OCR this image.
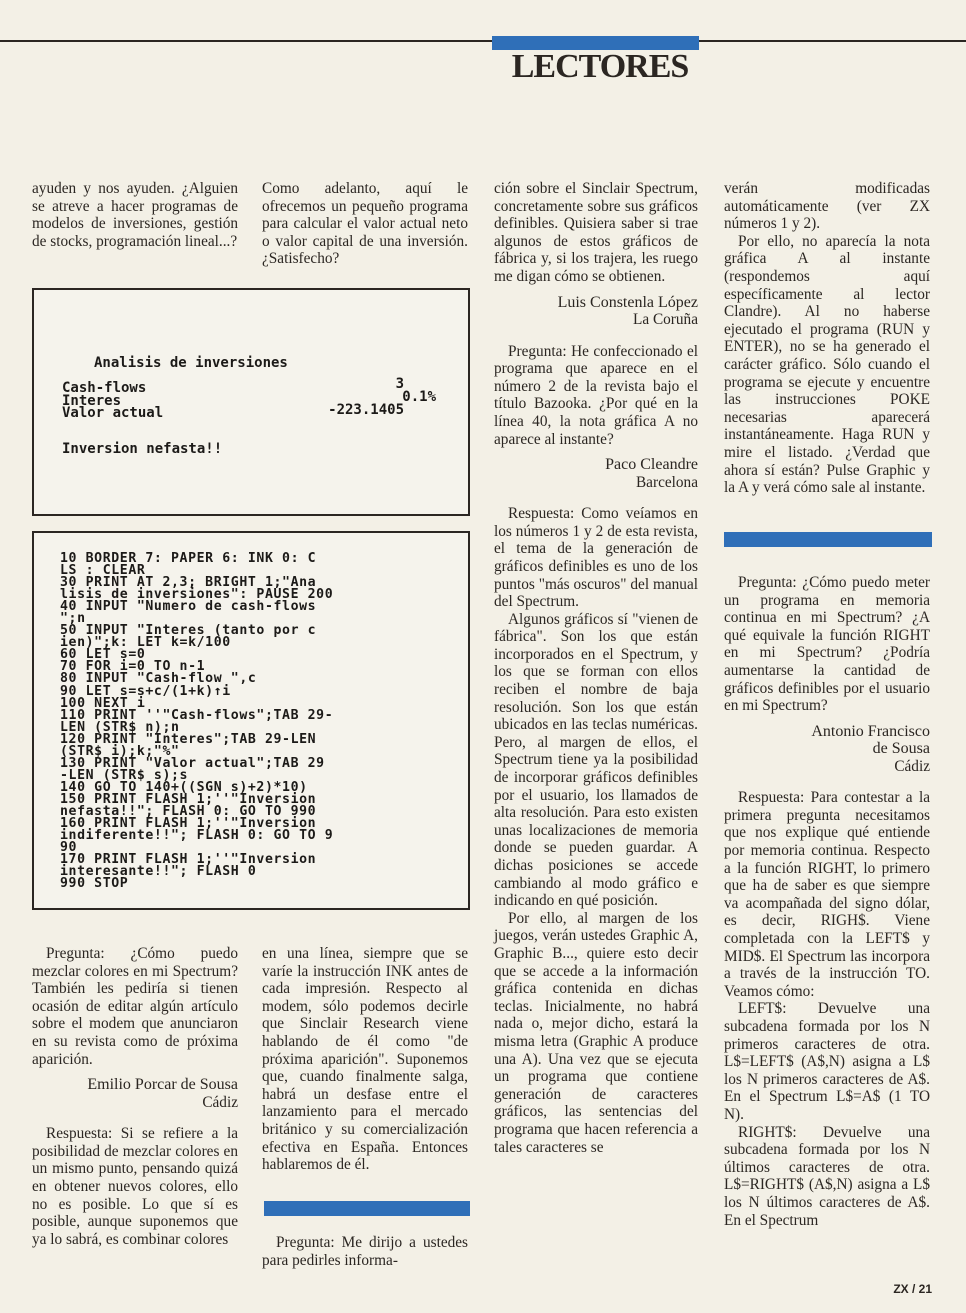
LECTORES

ayuden y nos ayuden. ¿Alguien se atreve a hacer programas de modelos de inversiones, gestión de stocks, programación lineal...?

Como adelanto, aquí le ofrecemos un pequeño programa para calcular el valor actual neto o valor capital de una inversión. ¿Satisfecho?

Analisis de inversiones
Cash-flows	3
Interes	0.1%
Valor actual	-223.1405
Inversion nefasta!!
10 BORDER 7: PAPER 6: INK 0: C
LS : CLEAR
30 PRINT AT 2,3; BRIGHT 1;"Ana
lisis de inversiones": PAUSE 200
40 INPUT "Numero de cash-flows
";n
50 INPUT "Interes (tanto por c
ien)";k: LET k=k/100
60 LET s=0
70 FOR i=0 TO n-1
80 INPUT "Cash-flow ",c
90 LET s=s+c/(1+k)↑i
100 NEXT i
110 PRINT ''"Cash-flows";TAB 29-
LEN (STR$ n);n
120 PRINT "Interes";TAB 29-LEN
(STR$ i);k;"%"
130 PRINT "Valor actual";TAB 29
-LEN (STR$ s);s
140 GO TO 140+((SGN s)+2)*10)
150 PRINT FLASH 1;''"Inversion
nefasta!!"; FLASH 0: GO TO 990
160 PRINT FLASH 1;''"Inversion
indiferente!!"; FLASH 0: GO TO 9
90
170 PRINT FLASH 1;''"Inversion
interesante!!"; FLASH 0
990 STOP

Pregunta: ¿Cómo puedo mezclar colores en mi Spectrum? También les pediría si tienen ocasión de editar algún artículo sobre el modem que anunciaron en su revista como de próxima aparición.

Emilio Porcar de Sousa
Cádiz

Respuesta: Si se refiere a la posibilidad de mezclar colores en un mismo punto, pensando quizá en obtener nuevos colores, ello no es posible. Lo que sí es posible, aunque suponemos que ya lo sabrá, es combinar colores

en una línea, siempre que se varíe la instrucción INK antes de cada impresión. Respecto al modem, sólo podemos decirle que Sinclair Research viene hablando de él como "de próxima aparición". Suponemos que, cuando finalmente salga, habrá un desfase entre el lanzamiento para el mercado británico y su comercialización efectiva en España. Entonces hablaremos de él.

Pregunta: Me dirijo a ustedes para pedirles informa-

ción sobre el Sinclair Spectrum, concretamente sobre sus gráficos definibles. Quisiera saber si trae algunos de estos gráficos de fábrica y, si los trajera, les ruego me digan cómo se obtienen.

Luis Constenla López
La Coruña

Pregunta: He confeccionado el programa que aparece en el número 2 de la revista bajo el título Bazooka. ¿Por qué en la línea 40, la nota gráfica A no aparece al instante?

Paco Cleandre
Barcelona

Respuesta: Como veíamos en los números 1 y 2 de esta revista, el tema de la generación de gráficos definibles es uno de los puntos "más oscuros" del manual del Spectrum.

Algunos gráficos sí "vienen de fábrica". Son los que están incorporados en el Spectrum, y los que se forman con ellos reciben el nombre de baja resolución. Son los que están ubicados en las teclas numéricas. Pero, al margen de ellos, el Spectrum tiene ya la posibilidad de incorporar gráficos definibles por el usuario, los llamados de alta resolución. Para esto existen unas localizaciones de memoria donde se pueden guardar. A dichas posiciones se accede cambiando al modo gráfico e indicando en qué posición.

Por ello, al margen de los juegos, verán ustedes Graphic A, Graphic B..., quiere esto decir que se accede a la información gráfica contenida en dichas teclas. Inicialmente, no habrá nada o, mejor dicho, estará la misma letra (Graphic A produce una A). Una vez que se ejecuta un programa que contiene generación de caracteres gráficos, las sentencias del programa que hacen referencia a tales caracteres se

verán modificadas automáticamente (ver ZX números 1 y 2).

Por ello, no aparecía la nota gráfica A al instante (respondemos aquí específicamente al lector Clandre). Al no haberse ejecutado el programa (RUN y ENTER), no se ha generado el carácter gráfico. Sólo cuando el programa se ejecute y encuentre las instrucciones POKE necesarias aparecerá instantáneamente. Haga RUN y mire el listado. ¿Verdad que ahora sí están? Pulse Graphic y la A y verá cómo sale al instante.

Pregunta: ¿Cómo puedo meter un programa en memoria continua en mi Spectrum? ¿A qué equivale la función RIGHT en mi Spectrum? ¿Podría aumentarse la cantidad de gráficos definibles por el usuario en mi Spectrum?

Antonio Francisco
de Sousa
Cádiz

Respuesta: Para contestar a la primera pregunta necesitamos que nos explique qué entiende por memoria continua. Respecto a la función RIGHT, lo primero que ha de saber es que siempre va acompañada del signo dólar, es decir, RIGH$. Viene completada con la LEFT$ y MID$. El Spectrum las incorpora a través de la instrucción TO. Veamos cómo:

LEFT$: Devuelve una subcadena formada por los N primeros caracteres de otra. L$=LEFT$ (A$,N) asigna a L$ los N primeros caracteres de A$. En el Spectrum L$=A$ (1 TO N).

RIGHT$: Devuelve una subcadena formada por los N últimos caracteres de otra. L$=RIGHT$ (A$,N) asigna a L$ los N últimos caracteres de A$. En el Spectrum

ZX / 21
